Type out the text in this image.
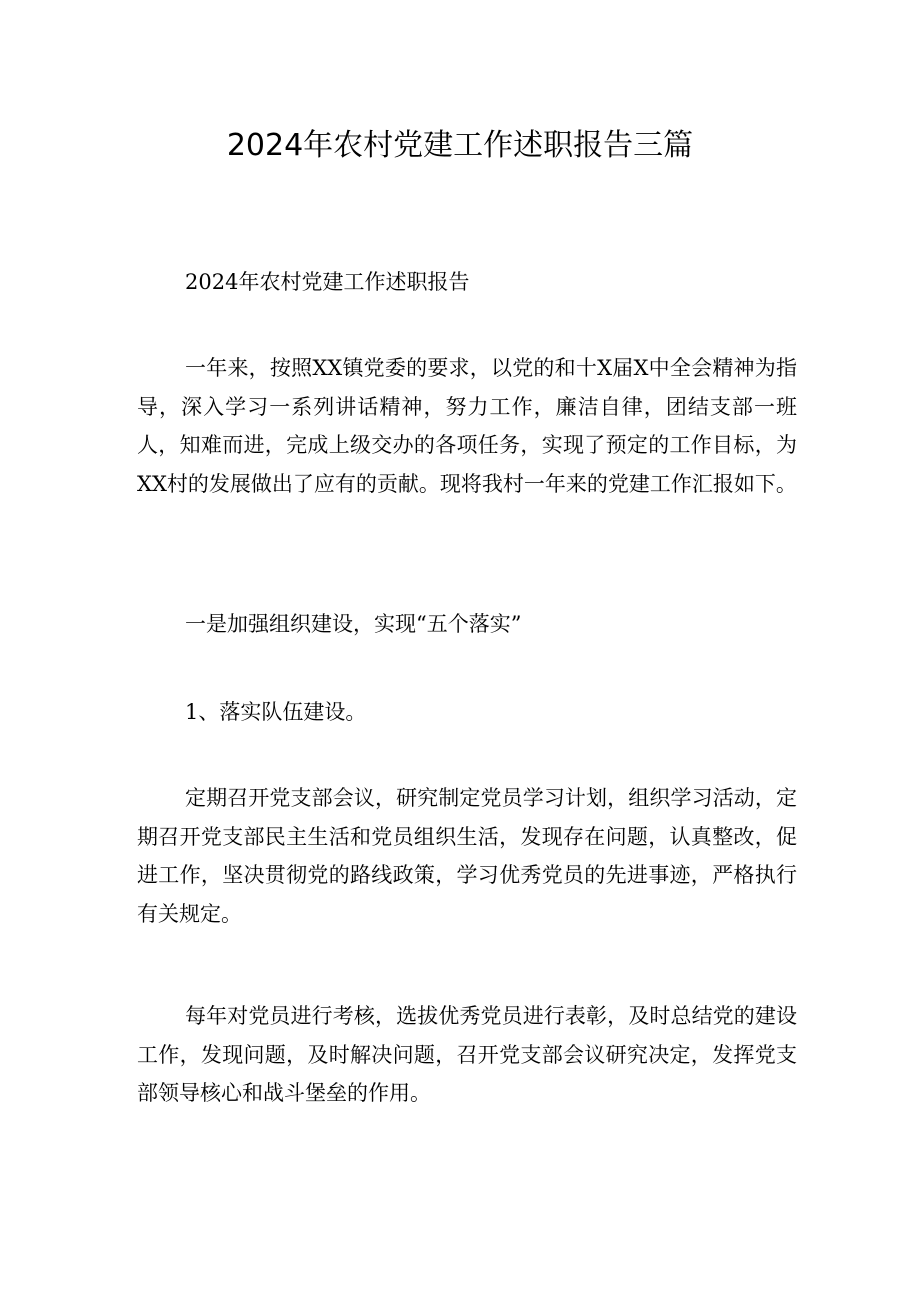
2024年农村党建工作述职报告三篇

2024年农村党建工作述职报告

一年来，按照XX镇党委的要求，以党的和十X届X中全会精神为指导，深入学习一系列讲话精神，努力工作，廉洁自律，团结支部一班人，知难而进，完成上级交办的各项任务，实现了预定的工作目标，为XX村的发展做出了应有的贡献。现将我村一年来的党建工作汇报如下。

一是加强组织建设，实现“五个落实”

1、落实队伍建设。

定期召开党支部会议，研究制定党员学习计划，组织学习活动，定期召开党支部民主生活和党员组织生活，发现存在问题，认真整改，促进工作，坚决贯彻党的路线政策，学习优秀党员的先进事迹，严格执行有关规定。

每年对党员进行考核，选拔优秀党员进行表彰，及时总结党的建设工作，发现问题，及时解决问题，召开党支部会议研究决定，发挥党支部领导核心和战斗堡垒的作用。
